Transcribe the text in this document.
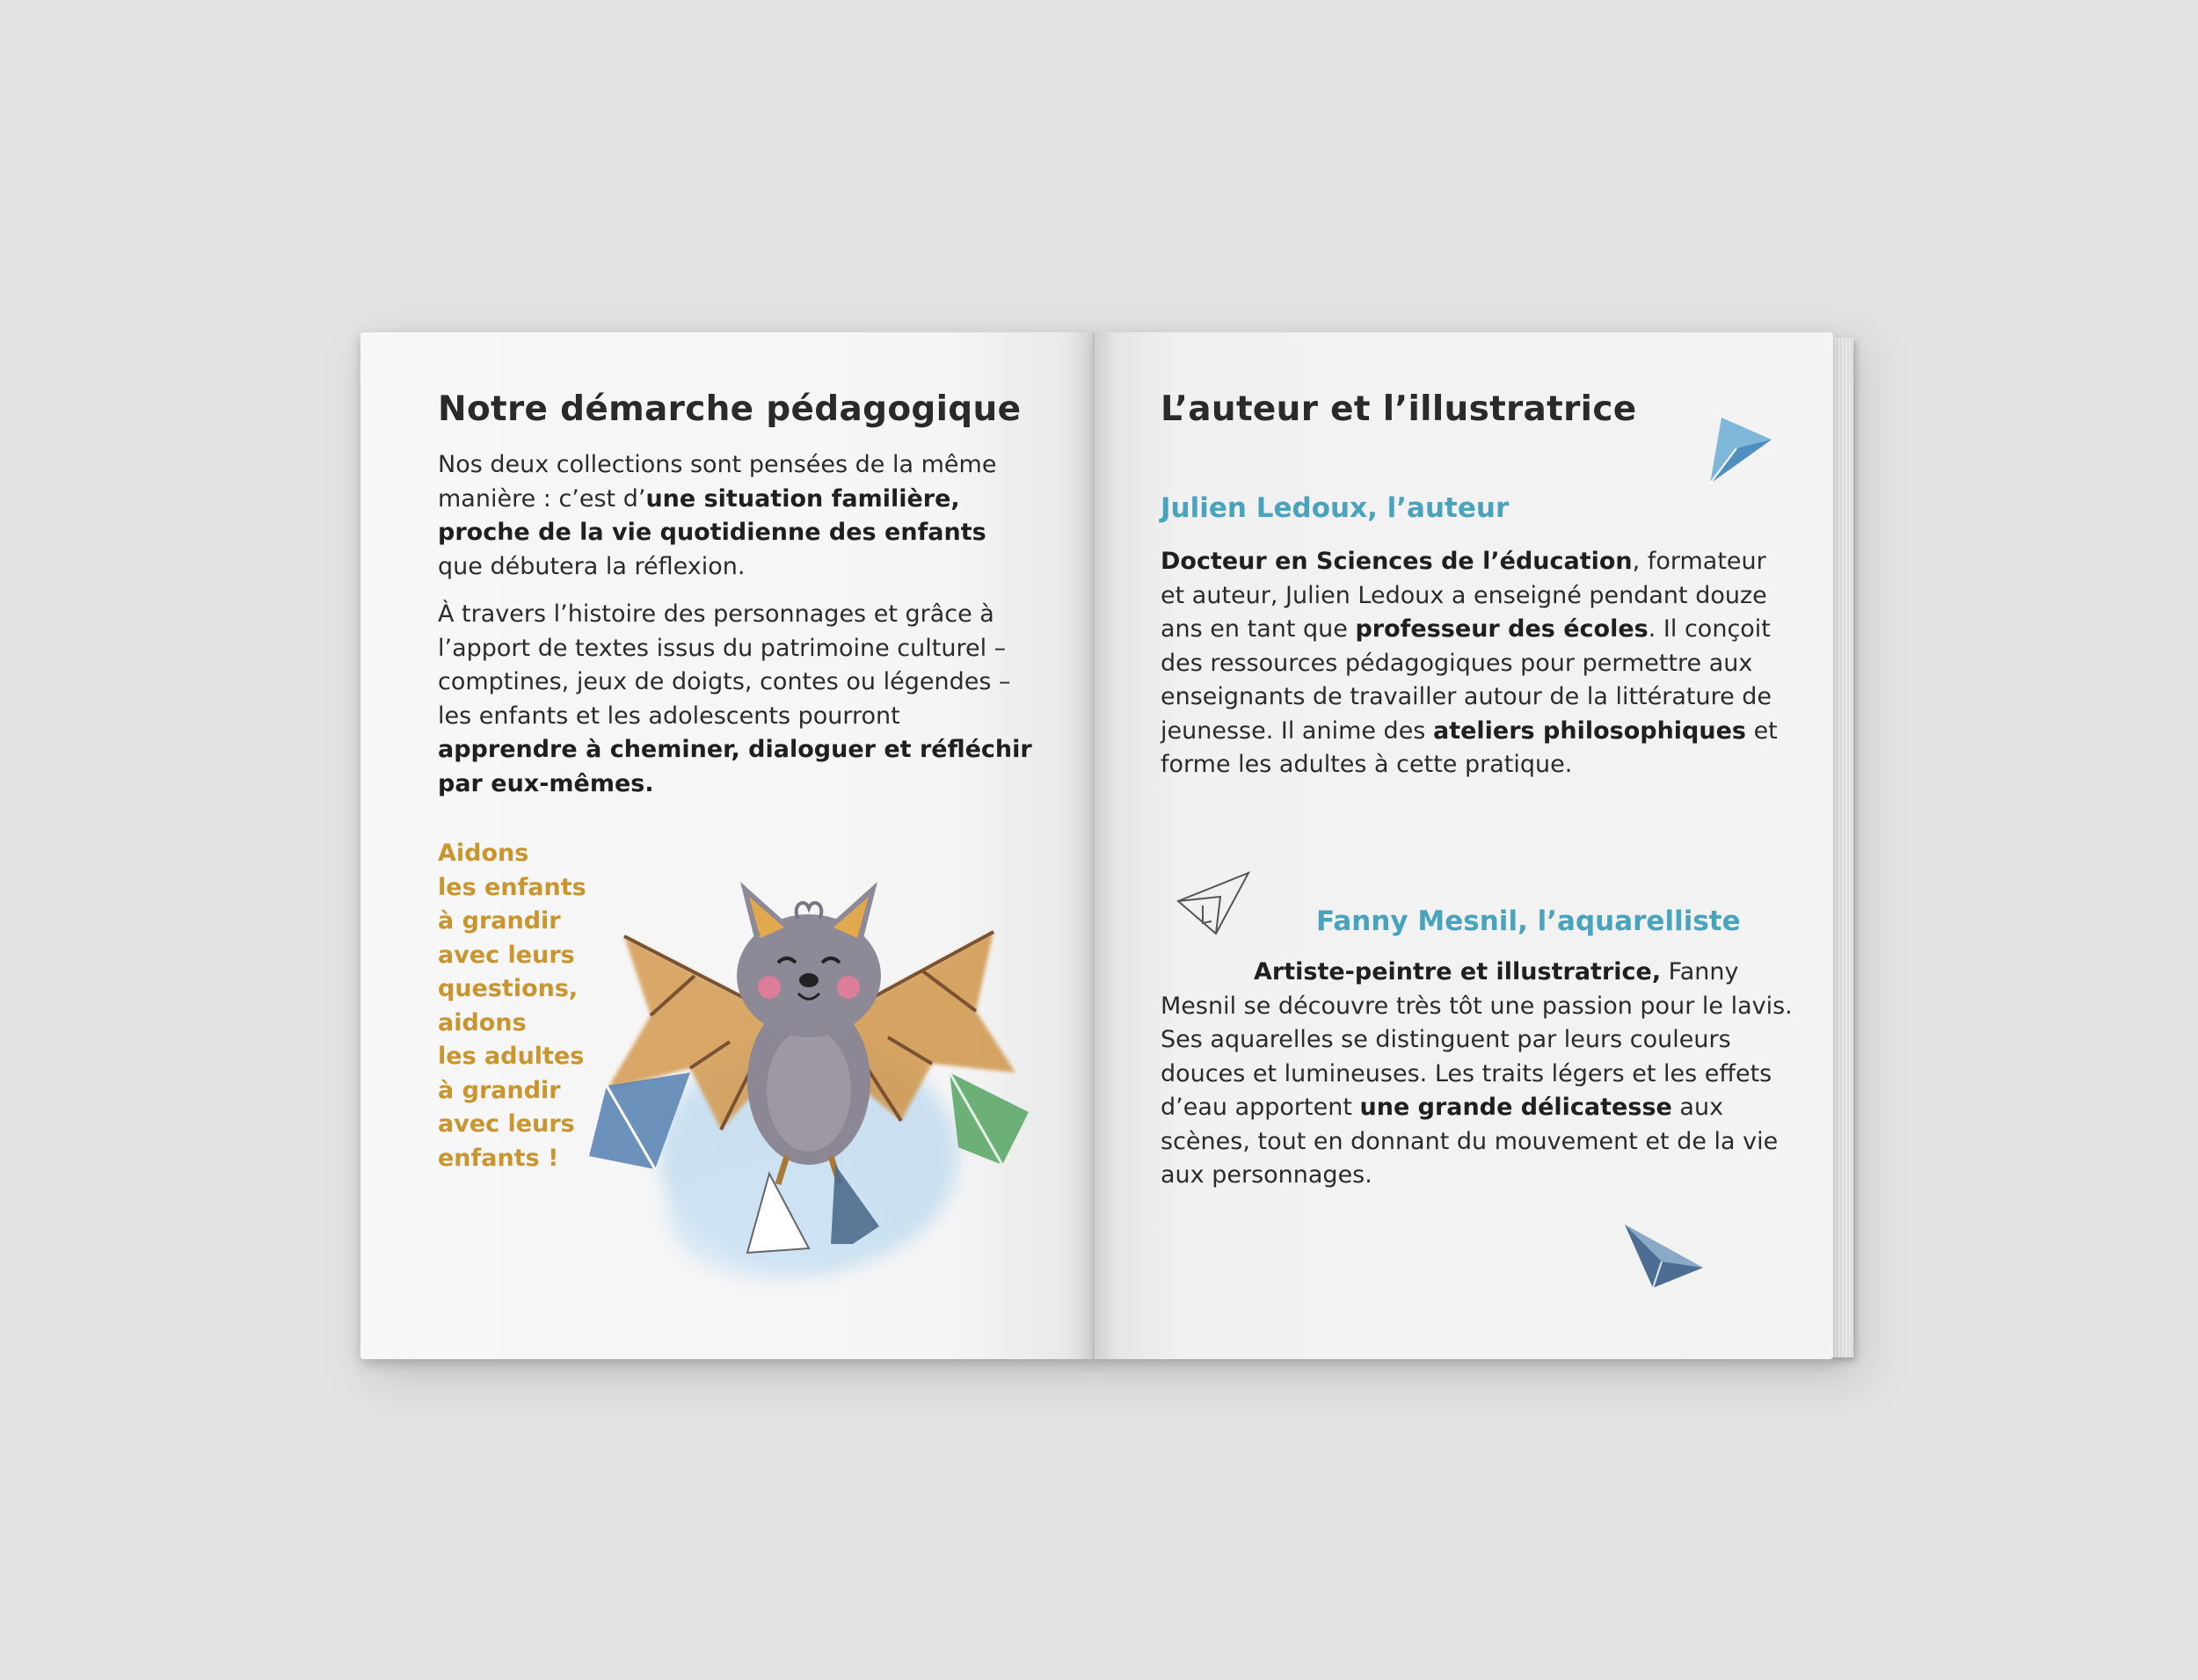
Notre démarche pédagogique

Nos deux collections sont pensées de la même manière : c’est d’une situation familière, proche de la vie quotidienne des enfants que débutera la réflexion.

À travers l’histoire des personnages et grâce à l’apport de textes issus du patrimoine culturel – comptines, jeux de doigts, contes ou légendes – les enfants et les adolescents pourront apprendre à cheminer, dialoguer et réfléchir par eux-mêmes.

Aidons
les enfants
à grandir
avec leurs
questions,
aidons
les adultes
à grandir
avec leurs
enfants !
L’auteur et l’illustratrice
Julien Ledoux, l’auteur

Docteur en Sciences de l’éducation, formateur et auteur, Julien Ledoux a enseigné pendant douze ans en tant que professeur des écoles. Il conçoit des ressources pédagogiques pour permettre aux enseignants de travailler autour de la littérature de jeunesse. Il anime des ateliers philosophiques et forme les adultes à cette pratique.

Fanny Mesnil, l’aquarelliste

Artiste-peintre et illustratrice, Fanny Mesnil se découvre très tôt une passion pour le lavis. Ses aquarelles se distinguent par leurs couleurs douces et lumineuses. Les traits légers et les effets d’eau apportent une grande délicatesse aux scènes, tout en donnant du mouvement et de la vie aux personnages.
